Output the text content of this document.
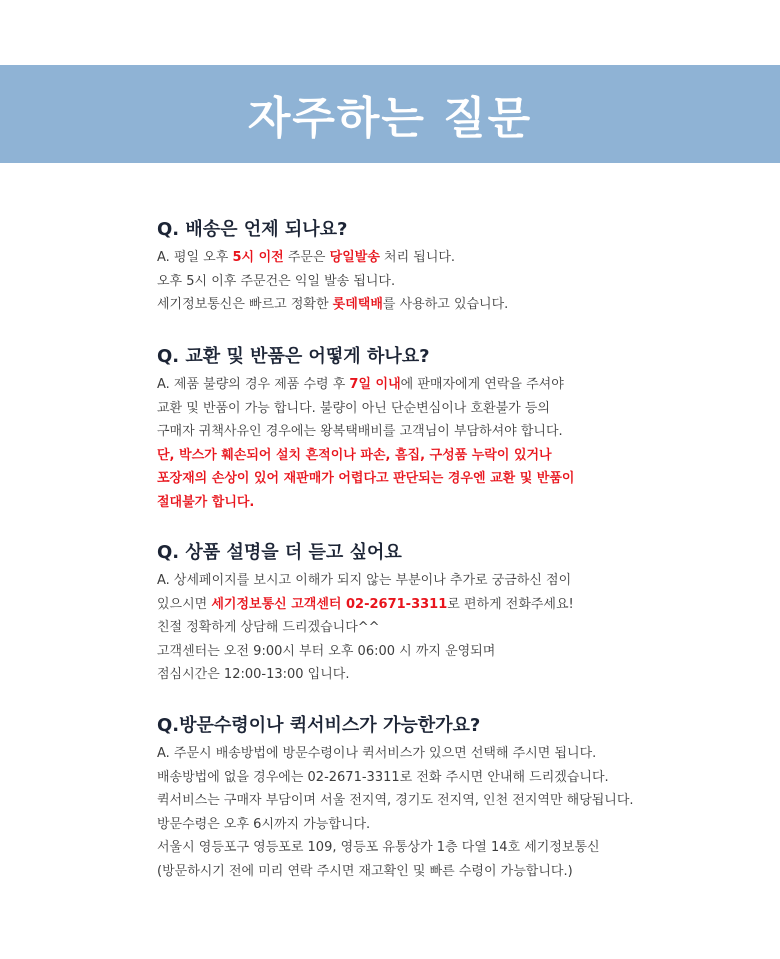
자주하는 질문
Q. 배송은 언제 되나요?
A. 평일 오후 5시 이전 주문은 당일발송 처리 됩니다.
오후 5시 이후 주문건은 익일 발송 됩니다.
세기정보통신은 빠르고 정확한 롯데택배를 사용하고 있습니다.
Q. 교환 및 반품은 어떻게 하나요?
A. 제품 불량의 경우 제품 수령 후 7일 이내에 판매자에게 연락을 주셔야
교환 및 반품이 가능 합니다. 불량이 아닌 단순변심이나 호환불가 등의
구매자 귀책사유인 경우에는 왕복택배비를 고객님이 부담하셔야 합니다.
단, 박스가 훼손되어 설치 흔적이나 파손, 흠집, 구성품 누락이 있거나
포장재의 손상이 있어 재판매가 어렵다고 판단되는 경우엔 교환 및 반품이
절대불가 합니다.
Q. 상품 설명을 더 듣고 싶어요
A. 상세페이지를 보시고 이해가 되지 않는 부분이나 추가로 궁금하신 점이
있으시면 세기정보통신 고객센터 02-2671-3311로 편하게 전화주세요!
친절 정확하게 상담해 드리겠습니다^^
고객센터는 오전 9:00시 부터 오후 06:00 시 까지 운영되며
점심시간은 12:00-13:00 입니다.
Q.방문수령이나 퀵서비스가 가능한가요?
A. 주문시 배송방법에 방문수령이나 퀵서비스가 있으면 선택해 주시면 됩니다.
배송방법에 없을 경우에는 02-2671-3311로 전화 주시면 안내해 드리겠습니다.
퀵서비스는 구매자 부담이며 서울 전지역, 경기도 전지역, 인천 전지역만 해당됩니다.
방문수령은 오후 6시까지 가능합니다.
서울시 영등포구 영등포로 109, 영등포 유통상가 1층 다열 14호 세기정보통신
(방문하시기 전에 미리 연락 주시면 재고확인 및 빠른 수령이 가능합니다.)
